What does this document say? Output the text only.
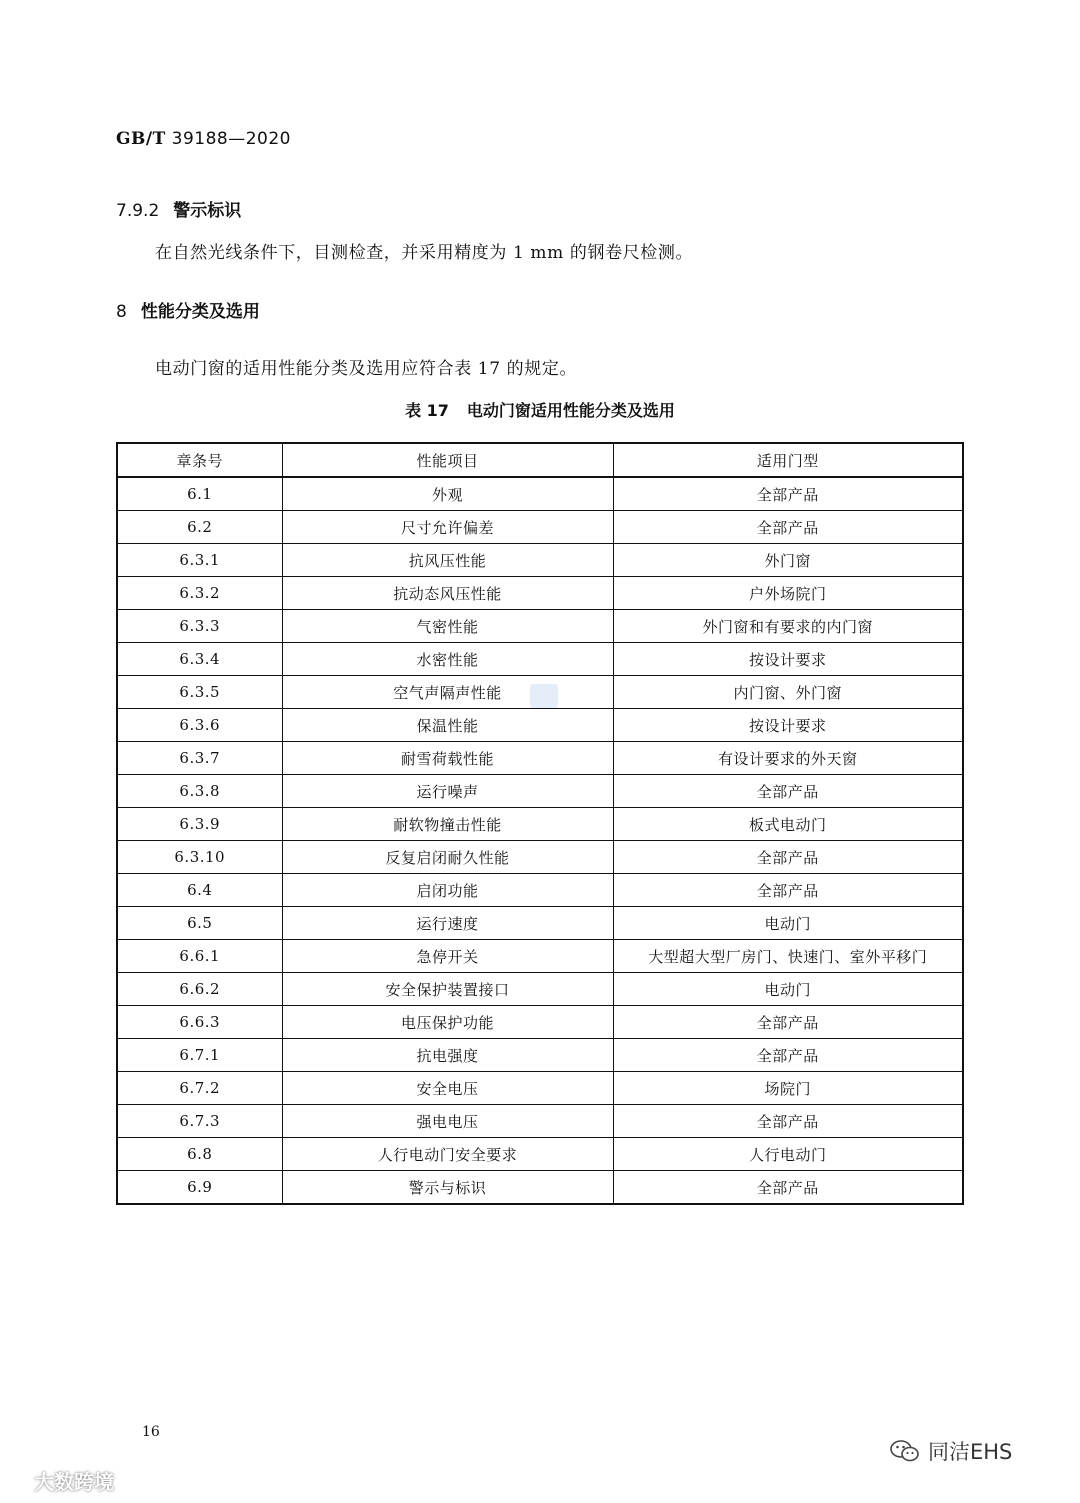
GB/T 39188—2020
7.9.2 警示标识
在自然光线条件下，目测检查，并采用精度为 1 mm 的钢卷尺检测。
8 性能分类及选用
电动门窗的适用性能分类及选用应符合表 17 的规定。
表 17 电动门窗适用性能分类及选用
章条号	性能项目	适用门型
6.1	外观	全部产品
6.2	尺寸允许偏差	全部产品
6.3.1	抗风压性能	外门窗
6.3.2	抗动态风压性能	户外场院门
6.3.3	气密性能	外门窗和有要求的内门窗
6.3.4	水密性能	按设计要求
6.3.5	空气声隔声性能	内门窗、外门窗
6.3.6	保温性能	按设计要求
6.3.7	耐雪荷载性能	有设计要求的外天窗
6.3.8	运行噪声	全部产品
6.3.9	耐软物撞击性能	板式电动门
6.3.10	反复启闭耐久性能	全部产品
6.4	启闭功能	全部产品
6.5	运行速度	电动门
6.6.1	急停开关	大型超大型厂房门、快速门、室外平移门
6.6.2	安全保护装置接口	电动门
6.6.3	电压保护功能	全部产品
6.7.1	抗电强度	全部产品
6.7.2	安全电压	场院门
6.7.3	强电电压	全部产品
6.8	人行电动门安全要求	人行电动门
6.9	警示与标识	全部产品
16
大数跨境
同洁EHS
